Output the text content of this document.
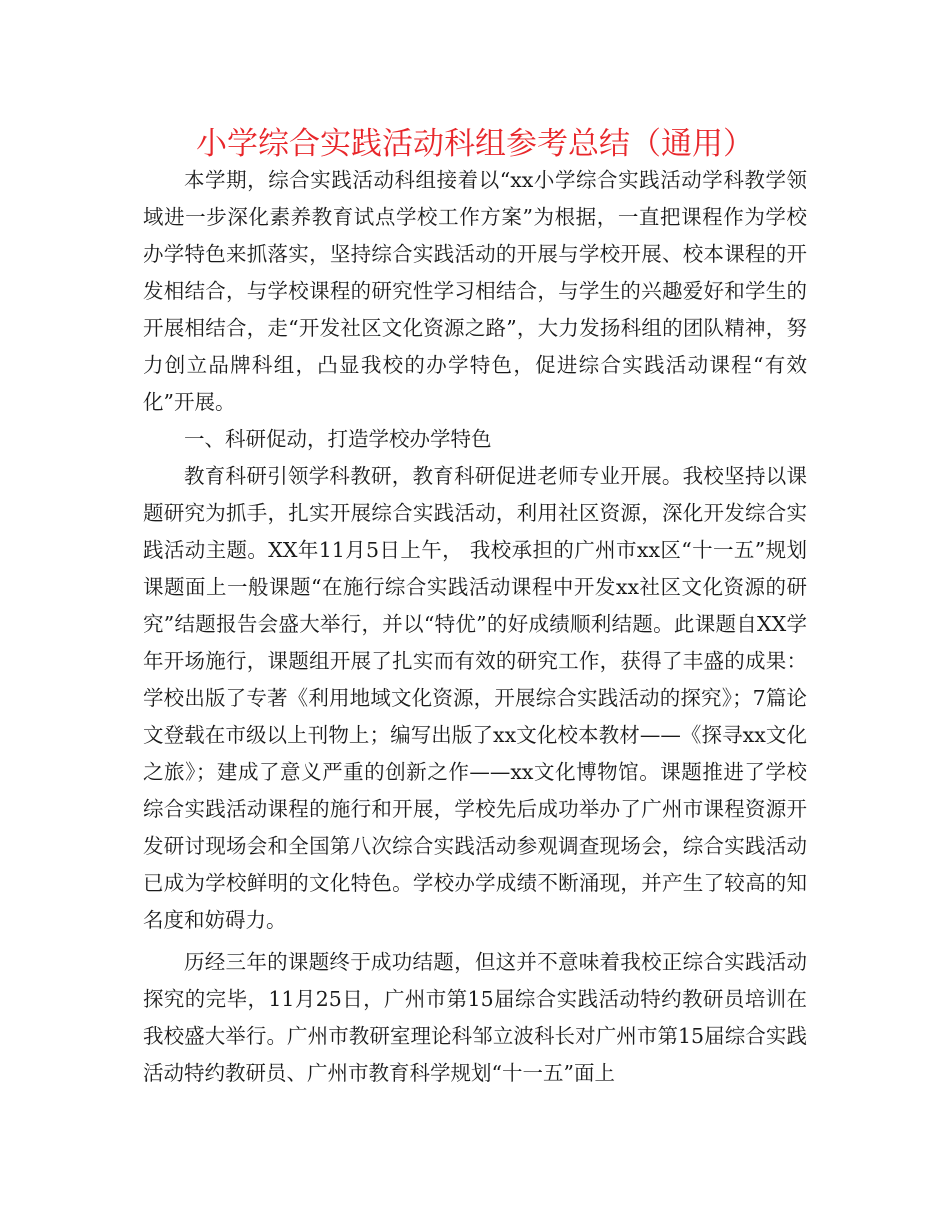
小学综合实践活动科组参考总结（通用）

本学期，综合实践活动科组接着以“xx小学综合实践活动学科教学领域进一步深化素养教育试点学校工作方案”为根据，一直把课程作为学校办学特色来抓落实，坚持综合实践活动的开展与学校开展、校本课程的开发相结合，与学校课程的研究性学习相结合，与学生的兴趣爱好和学生的开展相结合，走“开发社区文化资源之路”，大力发扬科组的团队精神，努力创立品牌科组，凸显我校的办学特色，促进综合实践活动课程“有效化”开展。

一、科研促动，打造学校办学特色

教育科研引领学科教研，教育科研促进老师专业开展。我校坚持以课题研究为抓手，扎实开展综合实践活动，利用社区资源，深化开发综合实践活动主题。XX年11月5日上午， 我校承担的广州市xx区“十一五”规划课题面上一般课题“在施行综合实践活动课程中开发xx社区文化资源的研究”结题报告会盛大举行，并以“特优”的好成绩顺利结题。此课题自XX学年开场施行，课题组开展了扎实而有效的研究工作，获得了丰盛的成果：学校出版了专著《利用地域文化资源，开展综合实践活动的探究》；7篇论文登载在市级以上刊物上；编写出版了xx文化校本教材——《探寻xx文化之旅》；建成了意义严重的创新之作——xx文化博物馆。课题推进了学校综合实践活动课程的施行和开展，学校先后成功举办了广州市课程资源开发研讨现场会和全国第八次综合实践活动参观调查现场会，综合实践活动已成为学校鲜明的文化特色。学校办学成绩不断涌现，并产生了较高的知名度和妨碍力。

历经三年的课题终于成功结题，但这并不意味着我校正综合实践活动探究的完毕，11月25日，广州市第15届综合实践活动特约教研员培训在我校盛大举行。广州市教研室理论科邹立波科长对广州市第15届综合实践活动特约教研员、广州市教育科学规划“十一五”面上
